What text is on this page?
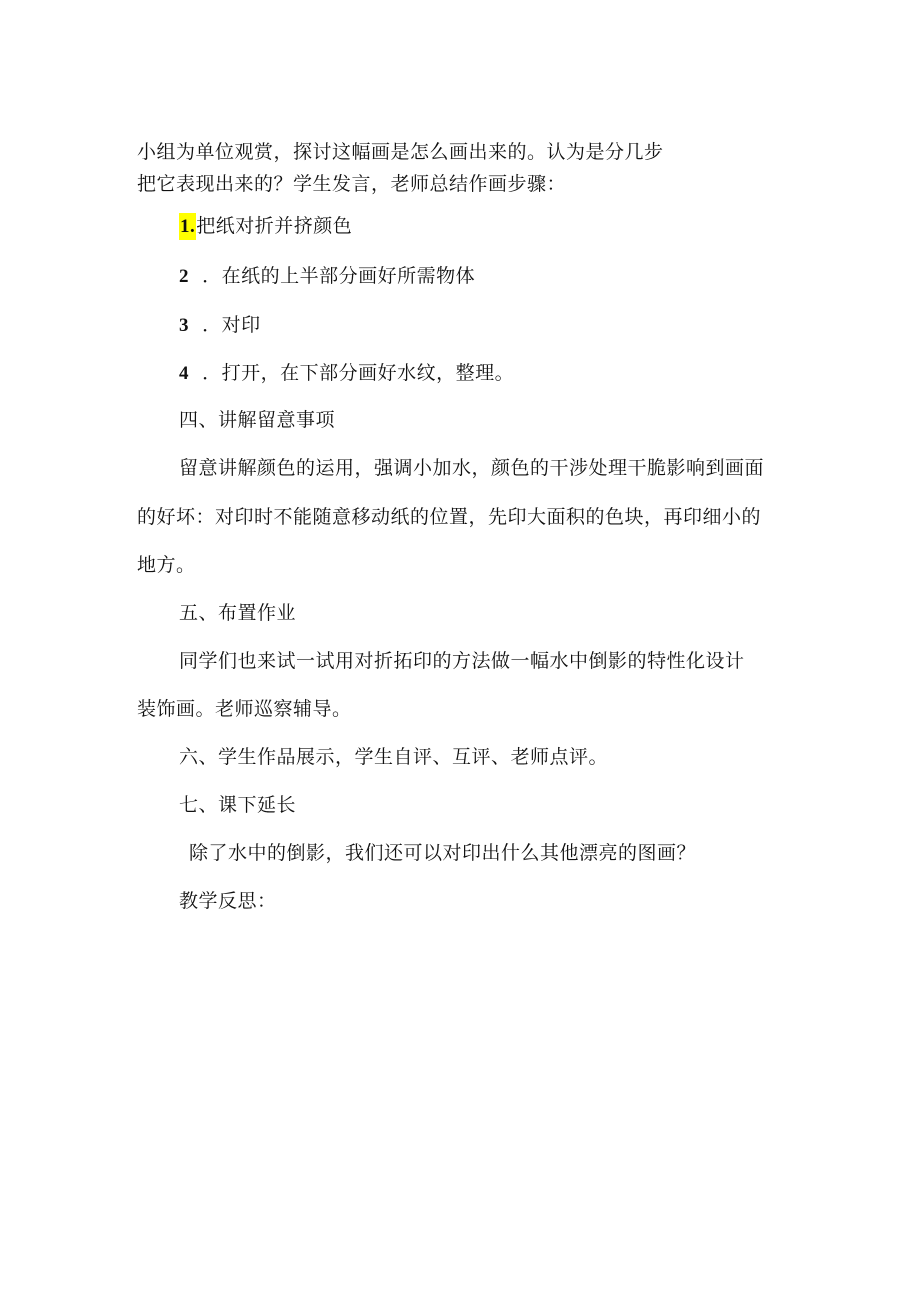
小组为单位观赏，探讨这幅画是怎么画出来的。认为是分几步
把它表现出来的？学生发言，老师总结作画步骤：
1.把纸对折并挤颜色
2 ．在纸的上半部分画好所需物体
3 ．对印
4 ．打开，在下部分画好水纹，整理。
四、讲解留意事项
留意讲解颜色的运用，强调小加水，颜色的干涉处理干脆影响到画面
的好坏：对印时不能随意移动纸的位置，先印大面积的色块，再印细小的
地方。
五、布置作业
同学们也来试一试用对折拓印的方法做一幅水中倒影的特性化设计
装饰画。老师巡察辅导。
六、学生作品展示，学生自评、互评、老师点评。
七、课下延长
除了水中的倒影，我们还可以对印出什么其他漂亮的图画？
教学反思：
